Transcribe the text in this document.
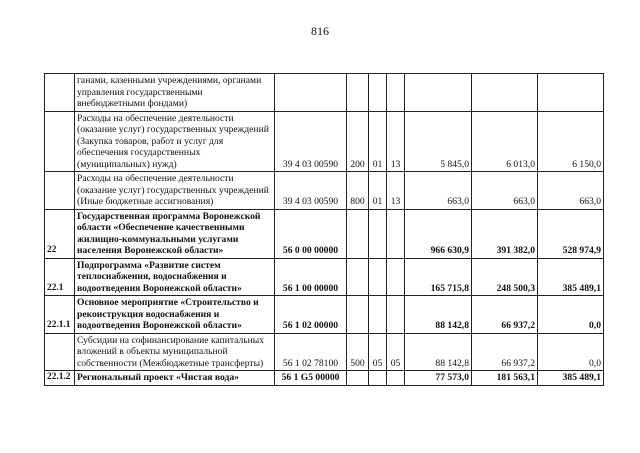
816
	ганами, казенными учреждениями, органами управления государственными внебюджетными фондами)							
	Расходы на обеспечение деятельности (оказание услуг) государственных учреждений (Закупка товаров, работ и услуг для обеспечения государственных (муниципальных) нужд)	39 4 03 00590	200	01	13	5 845,0	6 013,0	6 150,0
	Расходы на обеспечение деятельности (оказание услуг) государственных учреждений (Иные бюджетные ассигнования)	39 4 03 00590	800	01	13	663,0	663,0	663,0
22	Государственная программа Воронежской области «Обеспечение качественными жилищно-коммунальными услугами населения Воронежской области»	56 0 00 00000				966 630,9	391 382,0	528 974,9
22.1	Подпрограмма «Развитие систем теплоснабжения, водоснабжения и водоотведения Воронежской области»	56 1 00 00000				165 715,8	248 500,3	385 489,1
22.1.1	Основное мероприятие «Строительство и реконструкция водоснабжения и водоотведения Воронежской области»	56 1 02 00000				88 142,8	66 937,2	0,0
	Субсидии на софинансирование капитальных вложений в объекты муниципальной собственности (Межбюджетные трансферты)	56 1 02 78100	500	05	05	88 142,8	66 937,2	0,0
22.1.2	Региональный проект «Чистая вода»	56 1 G5 00000				77 573,0	181 563,1	385 489,1
